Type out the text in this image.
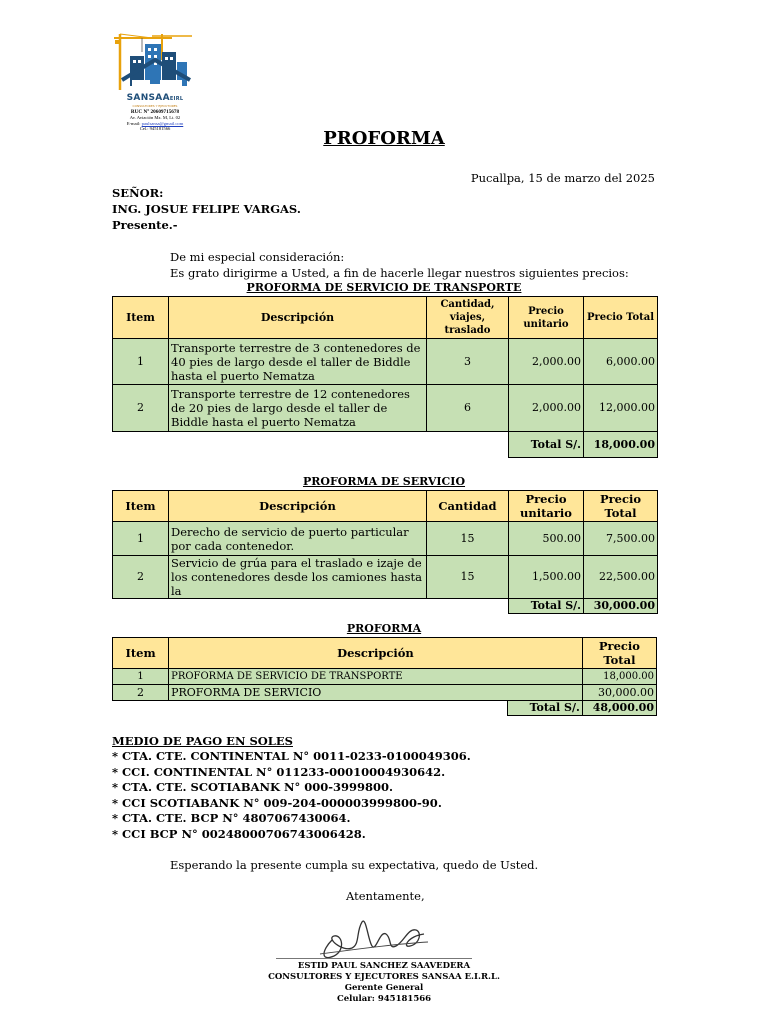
SANSAAEIRL
CONSULTORES Y EJECUTORES
RUC N° 20609715678
Av. Aviación Mz. M, Lt. 02
E-mail: paulsansa@gmail.com
Cel.: 945181566	PROFORMA
Pucallpa, 15 de marzo del 2025
SEÑOR:
ING. JOSUE FELIPE VARGAS.
Presente.-
De mi especial consideración:
Es grato dirigirme a Usted, a fin de hacerle llegar nuestros siguientes precios:
PROFORMA DE SERVICIO DE TRANSPORTE
Item	Descripción	Cantidad, viajes, traslado	Precio unitario	Precio Total
1	Transporte terrestre de 3 contenedores de 40 pies de largo desde el taller de Biddle hasta el puerto Nematza	3	2,000.00	6,000.00
2	Transporte terrestre de 12 contenedores de 20 pies de largo desde el taller de Biddle hasta el puerto Nematza	6	2,000.00	12,000.00
			Total S/.	18,000.00
PROFORMA DE SERVICIO
Item	Descripción	Cantidad	Precio unitario	Precio Total
1	Derecho de servicio de puerto particular por cada contenedor.	15	500.00	7,500.00
2	Servicio de grúa para el traslado e izaje de los contenedores desde los camiones hasta la	15	1,500.00	22,500.00
			Total S/.	30,000.00
PROFORMA
Item	Descripción		Precio Total
1	PROFORMA DE SERVICIO DE TRANSPORTE		18,000.00
2	PROFORMA DE SERVICIO		30,000.00
		Total S/.	48,000.00
MEDIO DE PAGO EN SOLES
* CTA. CTE. CONTINENTAL N° 0011-0233-0100049306.
* CCI. CONTINENTAL N° 011233-00010004930642.
* CTA. CTE. SCOTIABANK N° 000-3999800.
* CCI SCOTIABANK N° 009-204-000003999800-90.
* CTA. CTE. BCP N° 4807067430064.
* CCI BCP N° 00248000706743006428.
Esperando la presente cumpla su expectativa, quedo de Usted.
Atentamente,
ESTID PAUL SANCHEZ SAAVEDERA
CONSULTORES Y EJECUTORES SANSAA E.I.R.L.
Gerente General
Celular: 945181566
